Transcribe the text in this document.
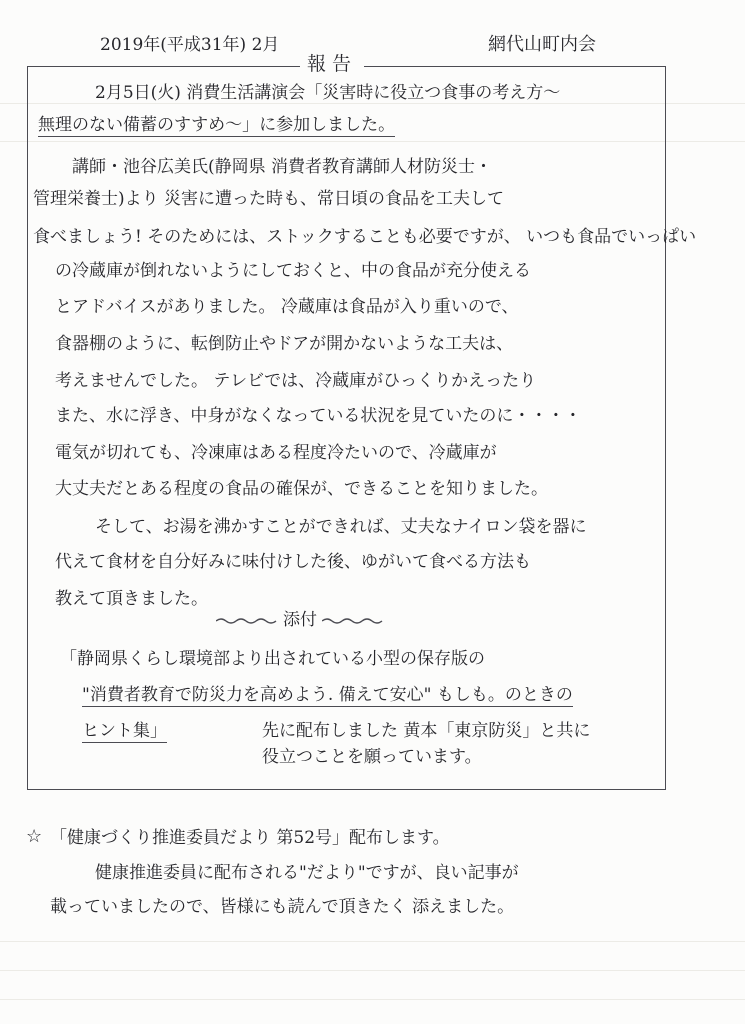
2019年(平成31年) 2月	網代山町内会
報告
2月5日(火) 消費生活講演会「災害時に役立つ食事の考え方～
無理のない備蓄のすすめ～」に参加しました。
講師・池谷広美氏(静岡県 消費者教育講師人材防災士・
管理栄養士)より 災害に遭った時も、常日頃の食品を工夫して
食べましょう! そのためには、ストックすることも必要ですが、 いつも食品でいっぱい
の冷蔵庫が倒れないようにしておくと、中の食品が充分使える
とアドバイスがありました。 冷蔵庫は食品が入り重いので、
食器棚のように、転倒防止やドアが開かないような工夫は、
考えませんでした。 テレビでは、冷蔵庫がひっくりかえったり
また、水に浮き、中身がなくなっている状況を見ていたのに・・・・
電気が切れても、冷凍庫はある程度冷たいので、冷蔵庫が
大丈夫だとある程度の食品の確保が、できることを知りました。
そして、お湯を沸かすことができれば、丈夫なナイロン袋を器に
代えて食材を自分好みに味付けした後、ゆがいて食べる方法も
教えて頂きました。
添付
「静岡県くらし環境部より出されている小型の保存版の
"消費者教育で防災力を高めよう. 備えて安心" もしも。のときの
ヒント集」	先に配布しました 黄本「東京防災」と共に
役立つことを願っています。
☆ 「健康づくり推進委員だより 第52号」配布します。
健康推進委員に配布される"だより"ですが、良い記事が
載っていましたので、皆様にも読んで頂きたく 添えました。
